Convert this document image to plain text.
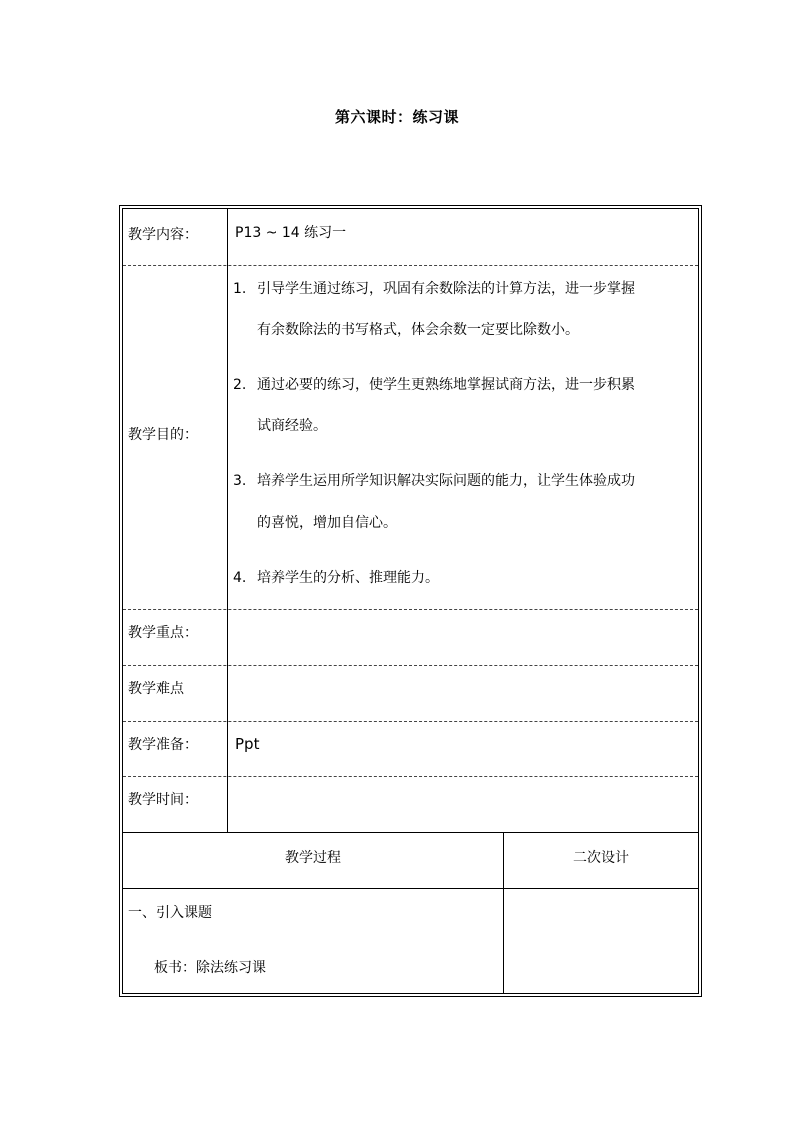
第六课时：练习课
教学内容：	P13 ~ 14 练习一
教学目的：
1. 引导学生通过练习，巩固有余数除法的计算方法，进一步掌握
有余数除法的书写格式，体会余数一定要比除数小。
2. 通过必要的练习，使学生更熟练地掌握试商方法，进一步积累
试商经验。
3. 培养学生运用所学知识解决实际问题的能力，让学生体验成功
的喜悦，增加自信心。
4. 培养学生的分析、推理能力。
教学重点：
教学难点
教学准备： Ppt
教学时间：
教学过程	二次设计
一、引入课题
板书：除法练习课
